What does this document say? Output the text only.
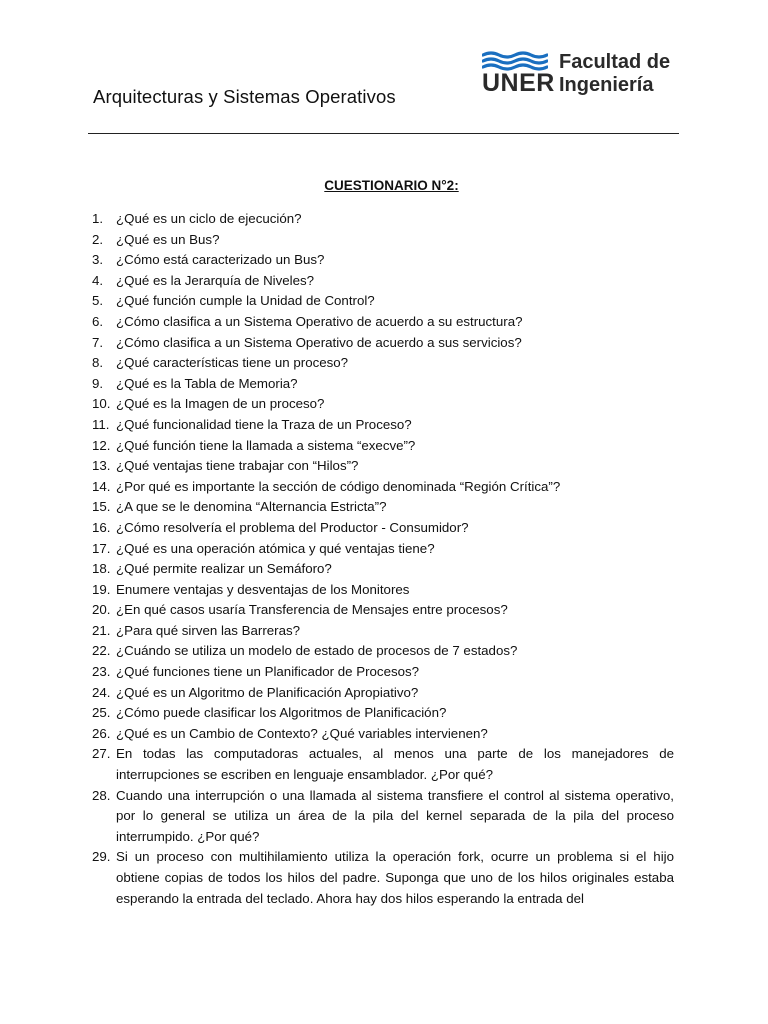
Arquitecturas y Sistemas Operativos	UNER
Facultad de
Ingeniería
CUESTIONARIO N°2:
1. ¿Qué es un ciclo de ejecución?
2. ¿Qué es un Bus?
3. ¿Cómo está caracterizado un Bus?
4. ¿Qué es la Jerarquía de Niveles?
5. ¿Qué función cumple la Unidad de Control?
6. ¿Cómo clasifica a un Sistema Operativo de acuerdo a su estructura?
7. ¿Cómo clasifica a un Sistema Operativo de acuerdo a sus servicios?
8. ¿Qué características tiene un proceso?
9. ¿Qué es la Tabla de Memoria?
10. ¿Qué es la Imagen de un proceso?
11. ¿Qué funcionalidad tiene la Traza de un Proceso?
12. ¿Qué función tiene la llamada a sistema “execve”?
13. ¿Qué ventajas tiene trabajar con “Hilos”?
14. ¿Por qué es importante la sección de código denominada “Región Crítica”?
15. ¿A que se le denomina “Alternancia Estricta”?
16. ¿Cómo resolvería el problema del Productor - Consumidor?
17. ¿Qué es una operación atómica y qué ventajas tiene?
18. ¿Qué permite realizar un Semáforo?
19. Enumere ventajas y desventajas de los Monitores
20. ¿En qué casos usaría Transferencia de Mensajes entre procesos?
21. ¿Para qué sirven las Barreras?
22. ¿Cuándo se utiliza un modelo de estado de procesos de 7 estados?
23. ¿Qué funciones tiene un Planificador de Procesos?
24. ¿Qué es un Algoritmo de Planificación Apropiativo?
25. ¿Cómo puede clasificar los Algoritmos de Planificación?
26. ¿Qué es un Cambio de Contexto? ¿Qué variables intervienen?
27. En todas las computadoras actuales, al menos una parte de los manejadores de interrupciones se escriben en lenguaje ensamblador. ¿Por qué?
28. Cuando una interrupción o una llamada al sistema transfiere el control al sistema operativo, por lo general se utiliza un área de la pila del kernel separada de la pila del proceso interrumpido. ¿Por qué?
29. Si un proceso con multihilamiento utiliza la operación fork, ocurre un problema si el hijo obtiene copias de todos los hilos del padre. Suponga que uno de los hilos originales estaba esperando la entrada del teclado. Ahora hay dos hilos esperando la entrada del
